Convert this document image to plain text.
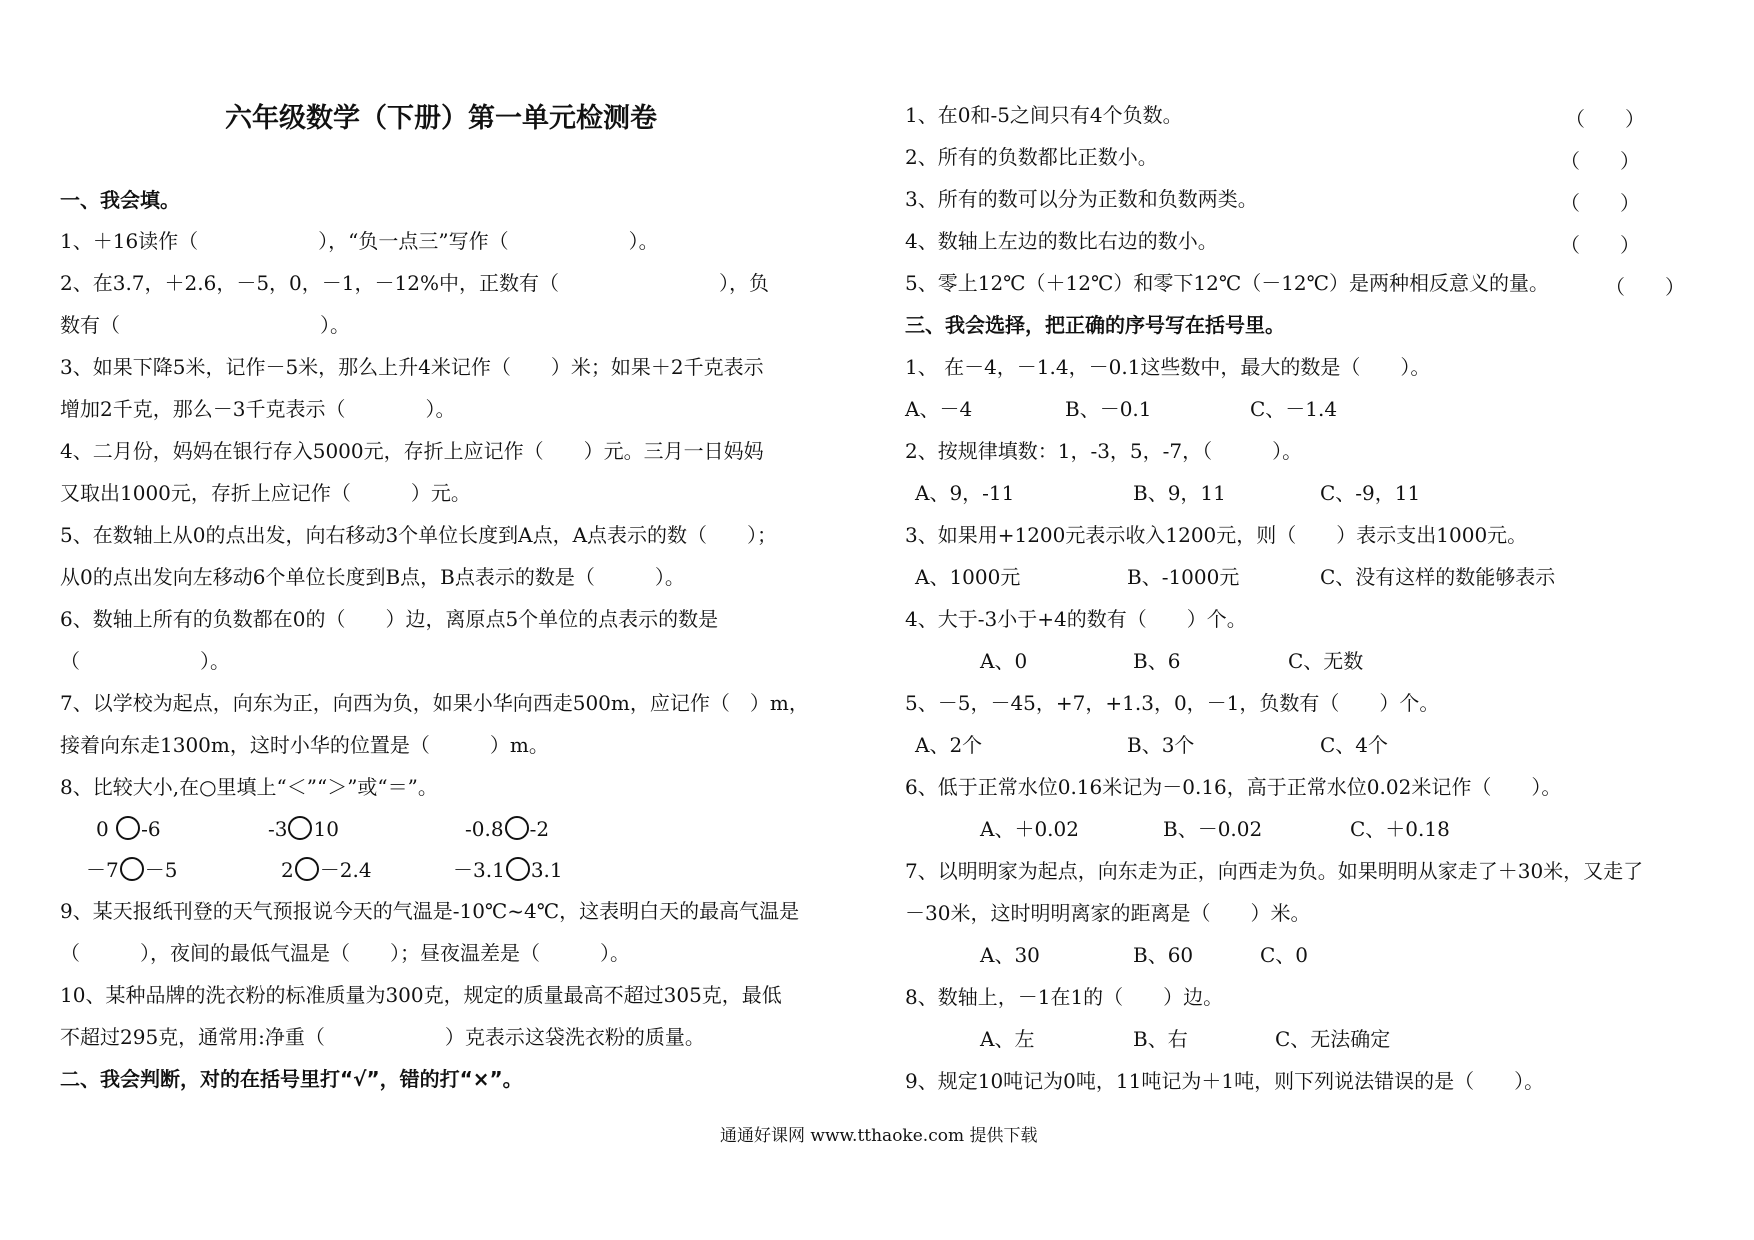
六年级数学（下册）第一单元检测卷
一、我会填。
1、＋16读作（　　　　　　），“负一点三”写作（　　　　　　）。
2、在3.7，＋2.6，－5，0，－1，－12%中，正数有（　　　　　　　　），负
数有（　　　　　　　　　　）。
3、如果下降5米，记作－5米，那么上升4米记作（　　）米；如果＋2千克表示
增加2千克，那么－3千克表示（　　　　）。
4、二月份，妈妈在银行存入5000元，存折上应记作（　　）元。三月一日妈妈
又取出1000元，存折上应记作（　　　）元。
5、在数轴上从0的点出发，向右移动3个单位长度到A点，A点表示的数（　　）；
从0的点出发向左移动6个单位长度到B点，B点表示的数是（　　　）。
6、数轴上所有的负数都在0的（　　）边，离原点5个单位的点表示的数是
（　　　　　　）。
7、以学校为起点，向东为正，向西为负，如果小华向西走500m，应记作（　）m，
接着向东走1300m，这时小华的位置是（　　　）m。
8、比较大小,在○里填上“＜”“＞”或“＝”。
0 -6	-3 10	-0.8 -2
－7 －5	2 －2.4	－3.1 3.1
9、某天报纸刊登的天气预报说今天的气温是-10℃~4℃，这表明白天的最高气温是
（　　　），夜间的最低气温是（　　）；昼夜温差是（　　　）。
10、某种品牌的洗衣粉的标准质量为300克，规定的质量最高不超过305克，最低
不超过295克，通常用:净重（　　　　　　）克表示这袋洗衣粉的质量。
二、我会判断，对的在括号里打“√”，错的打“×”。
1、在0和-5之间只有4个负数。	（　　）
2、所有的负数都比正数小。	（　　）
3、所有的数可以分为正数和负数两类。	（　　）
4、数轴上左边的数比右边的数小。	（　　）
5、零上12℃（＋12℃）和零下12℃（－12℃）是两种相反意义的量。	（　　）
三、我会选择，把正确的序号写在括号里。
1、 在－4，－1.4，－0.1这些数中，最大的数是（　　）。
A、－4	B、－0.1	C、－1.4
2、按规律填数：1，-3，5，-7，（　　　）。
A、9，-11	B、9，11	C、-9，11
3、如果用+1200元表示收入1200元，则（　　）表示支出1000元。
A、1000元	B、-1000元	C、没有这样的数能够表示
4、大于-3小于+4的数有（　　）个。
A、0	B、6	C、无数
5、－5，－45，+7，+1.3，0，－1，负数有（　　）个。
A、2个	B、3个	C、4个
6、低于正常水位0.16米记为－0.16，高于正常水位0.02米记作（　　）。
A、＋0.02	B、－0.02	C、＋0.18
7、以明明家为起点，向东走为正，向西走为负。如果明明从家走了＋30米，又走了
－30米，这时明明离家的距离是（　　）米。
A、30	B、60	C、0
8、数轴上，－1在1的（　　）边。
A、左	B、右	C、无法确定
9、规定10吨记为0吨，11吨记为＋1吨，则下列说法错误的是（　　）。
通通好课网 www.tthaoke.com 提供下载
